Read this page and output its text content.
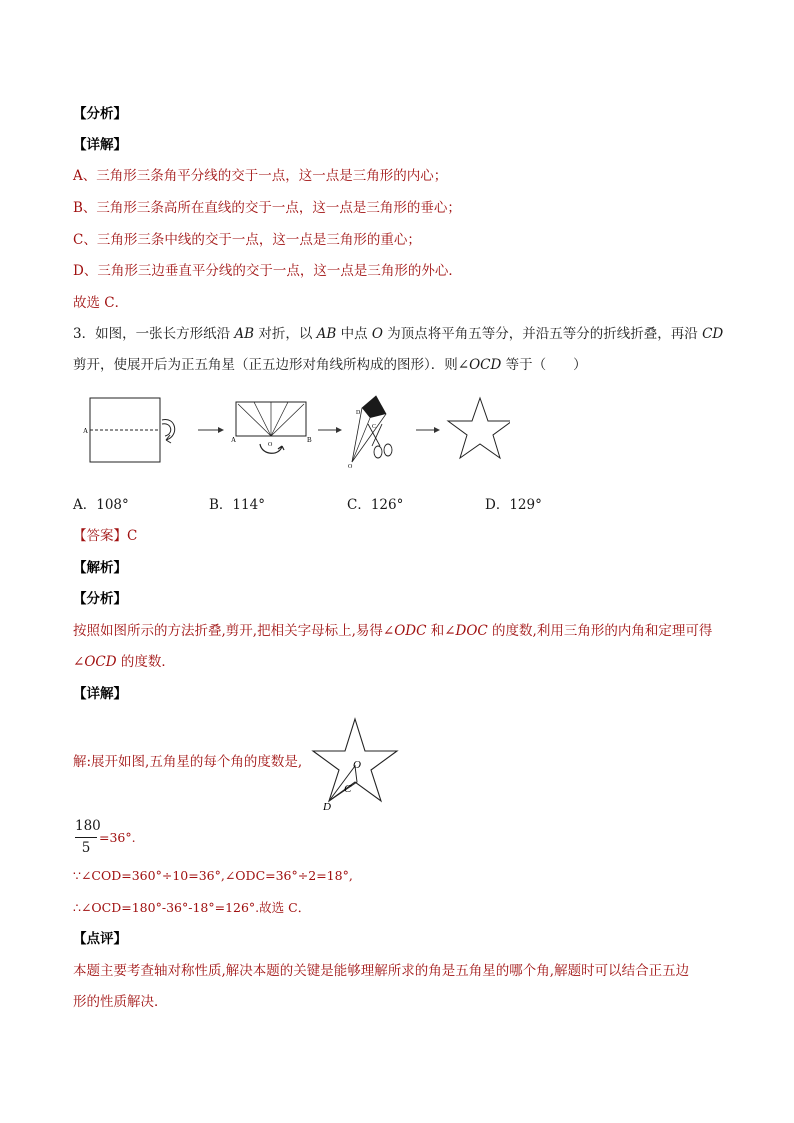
【分析】
【详解】
A、三角形三条角平分线的交于一点，这一点是三角形的内心；
B、三角形三条高所在直线的交于一点，这一点是三角形的垂心；
C、三角形三条中线的交于一点，这一点是三角形的重心；
D、三角形三边垂直平分线的交于一点，这一点是三角形的外心．
故选 C．
3．如图，一张长方形纸沿 AB 对折，以 AB 中点 O 为顶点将平角五等分，并沿五等分的折线折叠，再沿 CD
剪开，使展开后为正五角星（正五边形对角线所构成的图形）．则∠OCD 等于（　　）
A
A	B
O
D
C
O
A．108°	B．114°	C．126°	D．129°
【答案】C
【解析】
【分析】
按照如图所示的方法折叠,剪开,把相关字母标上,易得∠ODC 和∠DOC 的度数,利用三角形的内角和定理可得
∠OCD 的度数．
【详解】
解:展开如图,五角星的每个角的度数是,	O
C
D
180
5
=36°.
∵∠COD=360°÷10=36°,∠ODC=36°÷2=18°,
∴∠OCD=180°-36°-18°=126°.故选 C．
【点评】
本题主要考查轴对称性质,解决本题的关键是能够理解所求的角是五角星的哪个角,解题时可以结合正五边
形的性质解决．
